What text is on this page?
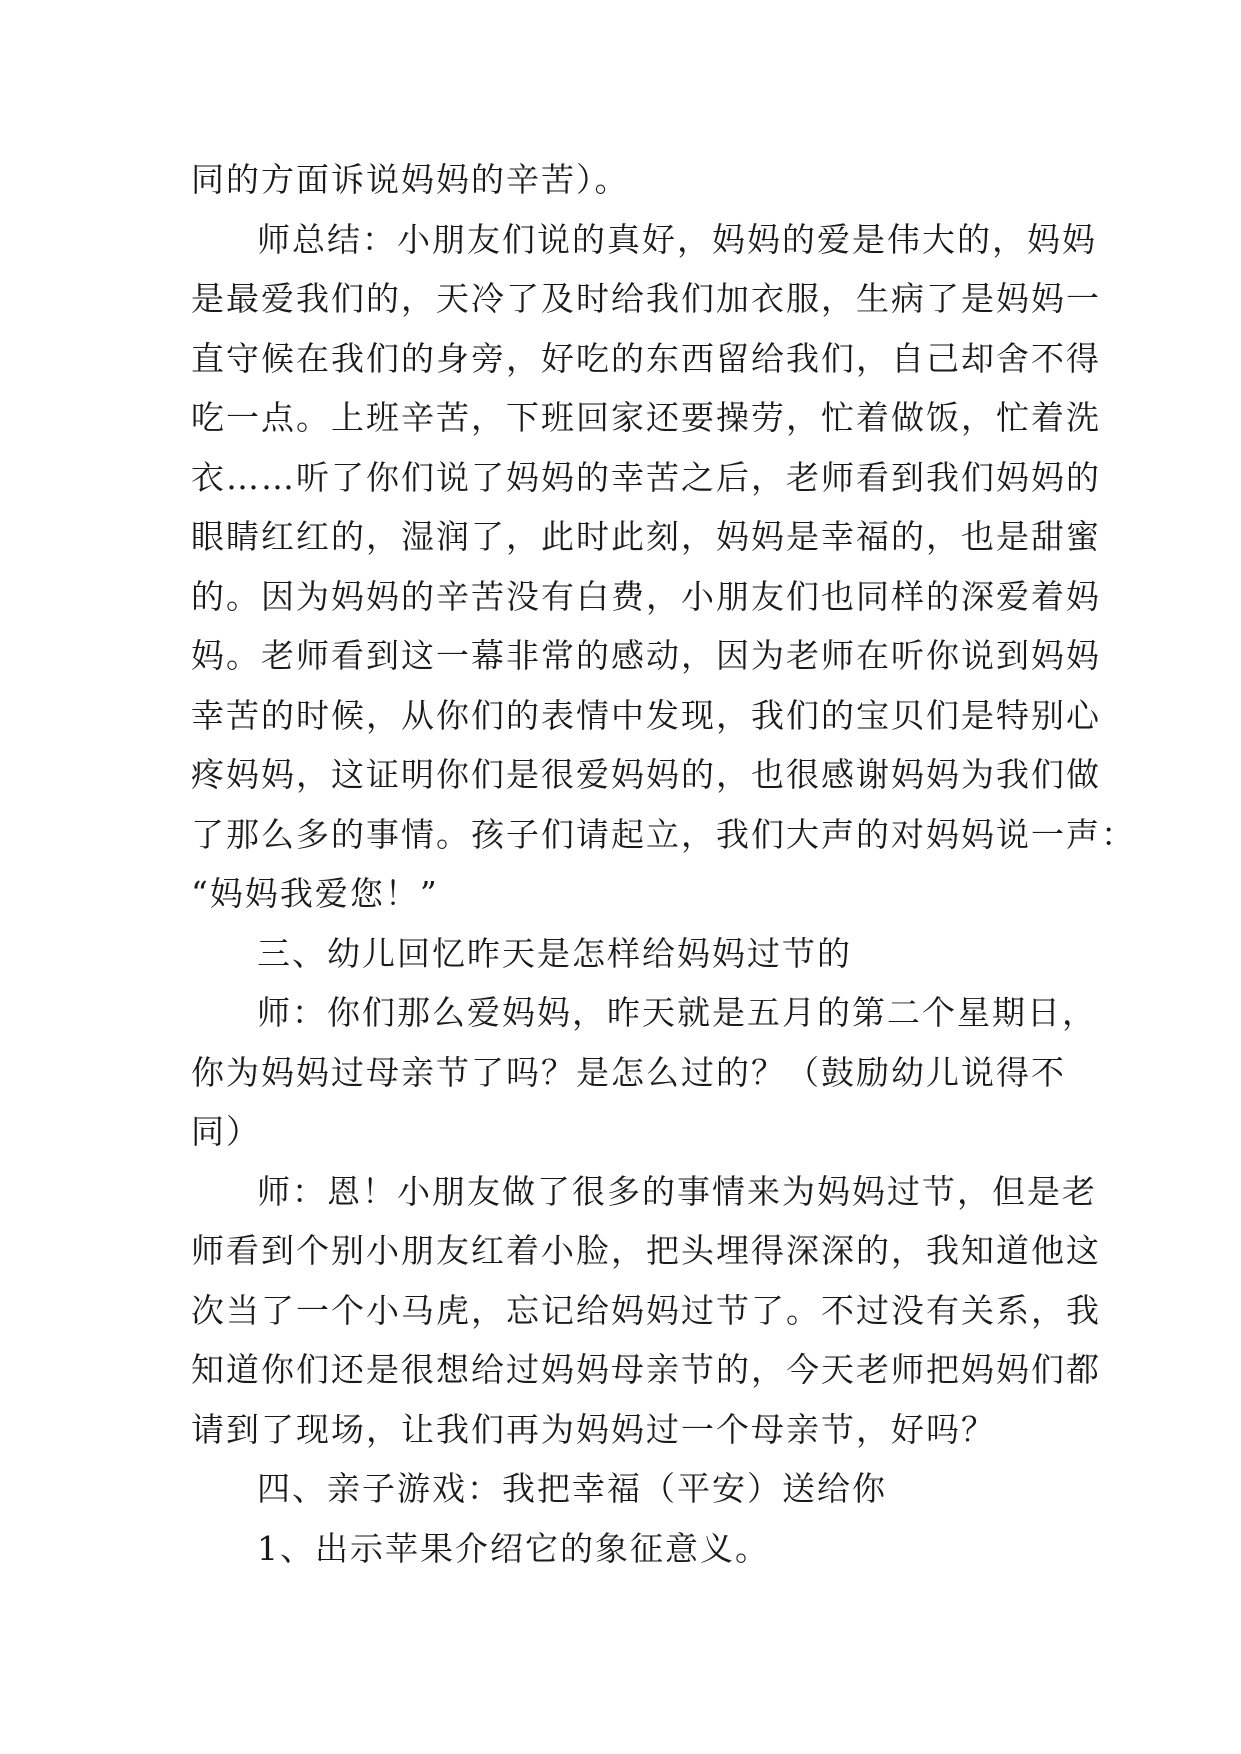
同的方面诉说妈妈的辛苦）。
师总结：小朋友们说的真好，妈妈的爱是伟大的，妈妈
是最爱我们的，天冷了及时给我们加衣服，生病了是妈妈一
直守候在我们的身旁，好吃的东西留给我们，自己却舍不得
吃一点。上班辛苦，下班回家还要操劳，忙着做饭，忙着洗
衣……听了你们说了妈妈的幸苦之后，老师看到我们妈妈的
眼睛红红的，湿润了，此时此刻，妈妈是幸福的，也是甜蜜
的。因为妈妈的辛苦没有白费，小朋友们也同样的深爱着妈
妈。老师看到这一幕非常的感动，因为老师在听你说到妈妈
幸苦的时候，从你们的表情中发现，我们的宝贝们是特别心
疼妈妈，这证明你们是很爱妈妈的，也很感谢妈妈为我们做
了那么多的事情。孩子们请起立，我们大声的对妈妈说一声：
“妈妈我爱您！”
三、幼儿回忆昨天是怎样给妈妈过节的
师：你们那么爱妈妈，昨天就是五月的第二个星期日，
你为妈妈过母亲节了吗？是怎么过的？（鼓励幼儿说得不
同）
师：恩！小朋友做了很多的事情来为妈妈过节，但是老
师看到个别小朋友红着小脸，把头埋得深深的，我知道他这
次当了一个小马虎，忘记给妈妈过节了。不过没有关系，我
知道你们还是很想给过妈妈母亲节的，今天老师把妈妈们都
请到了现场，让我们再为妈妈过一个母亲节，好吗？
四、亲子游戏：我把幸福（平安）送给你
1、出示苹果介绍它的象征意义。
